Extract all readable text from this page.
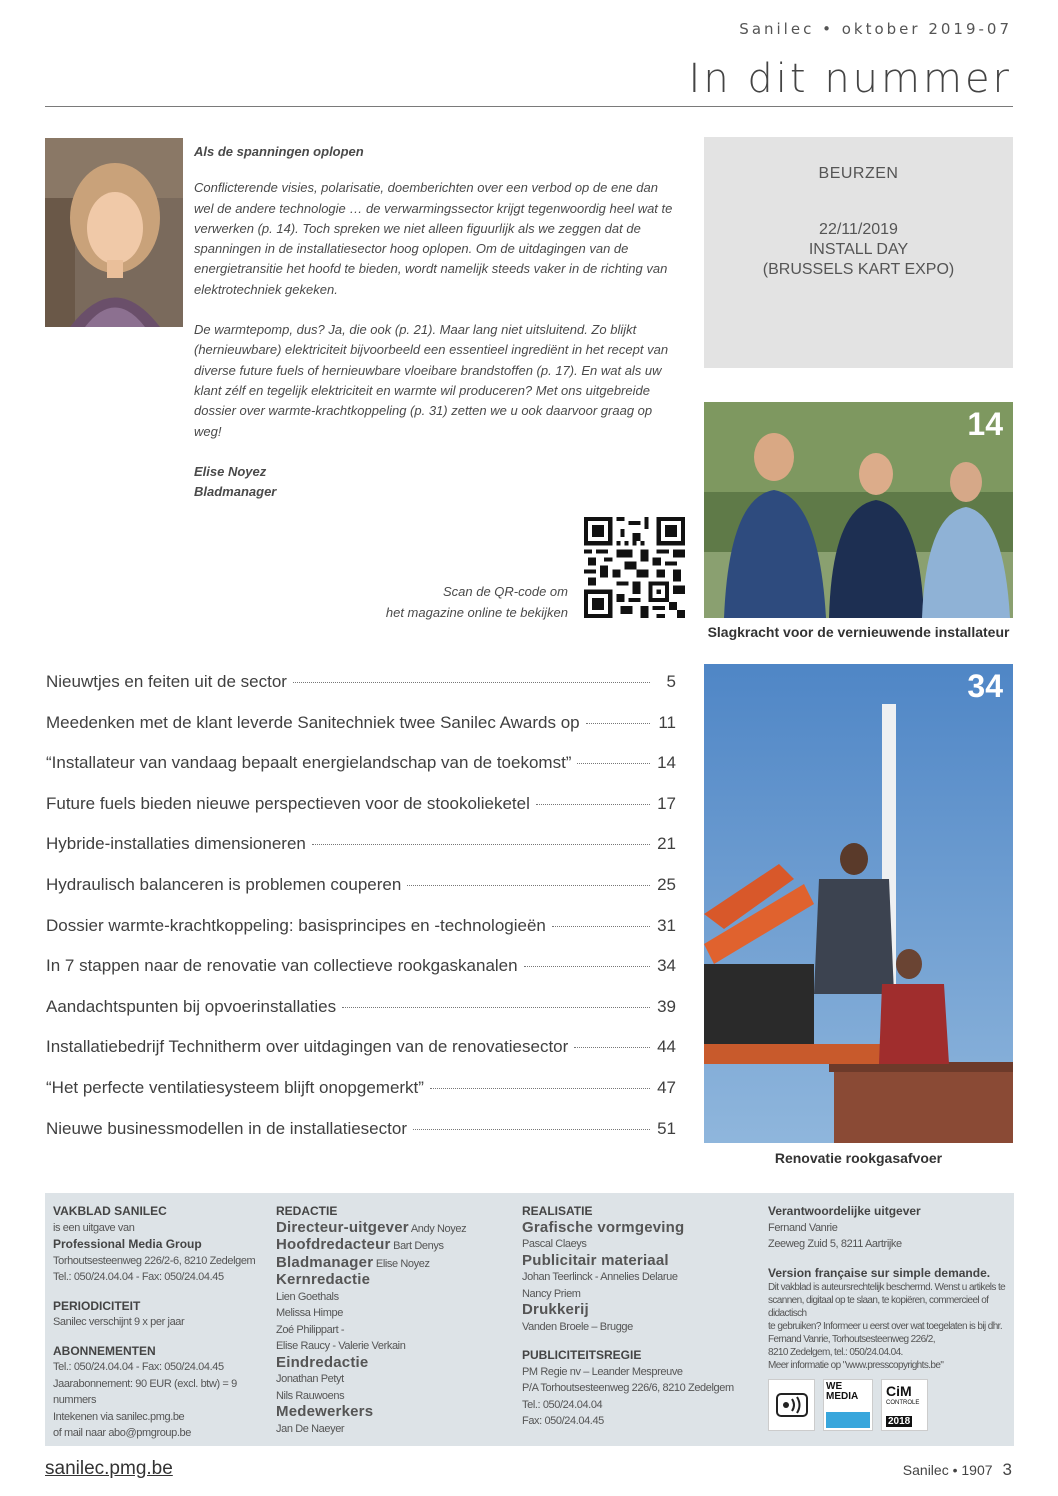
Sanilec • oktober 2019-07
In dit nummer

Als de spanningen oplopen

Conflicterende visies, polarisatie, doemberichten over een verbod op de ene dan wel de andere technologie … de verwarmingssector krijgt tegenwoordig heel wat te verwerken (p. 14). Toch spreken we niet alleen figuurlijk als we zeggen dat de spanningen in de installatiesector hoog oplopen. Om de uitdagingen van de energietransitie het hoofd te bieden, wordt namelijk steeds vaker in de richting van elektrotechniek gekeken.

De warmtepomp, dus? Ja, die ook (p. 21). Maar lang niet uitsluitend. Zo blijkt (hernieuwbare) elektriciteit bijvoorbeeld een essentieel ingrediënt in het recept van diverse future fuels of hernieuwbare vloeibare brandstoffen (p. 17). En wat als uw klant zélf en tegelijk elektriciteit en warmte wil produceren? Met ons uitgebreide dossier over warmte-krachtkoppeling (p. 31) zetten we u ook daarvoor graag op weg!

Elise Noyez

Bladmanager

Scan de QR-code om
het magazine online te bekijken
BEURZEN
22/11/2019
INSTALL DAY
(BRUSSELS KART EXPO)
14
Slagkracht voor de vernieuwende installateur
34
Renovatie rookgasafvoer
Nieuwtjes en feiten uit de sector	5
Meedenken met de klant leverde Sanitechniek twee Sanilec Awards op	11
“Installateur van vandaag bepaalt energielandschap van de toekomst”	14
Future fuels bieden nieuwe perspectieven voor de stookolieketel	17
Hybride-installaties dimensioneren	21
Hydraulisch balanceren is problemen couperen	25
Dossier warmte-krachtkoppeling: basisprincipes en -technologieën	31
In 7 stappen naar de renovatie van collectieve rookgaskanalen	34
Aandachtspunten bij opvoerinstallaties	39
Installatiebedrijf Technitherm over uitdagingen van de renovatiesector	44
“Het perfecte ventilatiesysteem blijft onopgemerkt”	47
Nieuwe businessmodellen in de installatiesector	51
VAKBLAD SANILEC
is een uitgave van
Professional Media Group
Torhoutsesteenweg 226/2-6, 8210 Zedelgem
Tel.: 050/24.04.04 - Fax: 050/24.04.45
PERIODICITEIT
Sanilec verschijnt 9 x per jaar
ABONNEMENTEN
Tel.: 050/24.04.04 - Fax: 050/24.04.45
Jaarabonnement: 90 EUR (excl. btw) = 9 nummers
Intekenen via sanilec.pmg.be
of mail naar abo@pmgroup.be
REDACTIE
Directeur-uitgever Andy Noyez
Hoofdredacteur Bart Denys
Bladmanager Elise Noyez
Kernredactie
Lien Goethals
Melissa Himpe
Zoé Philippart -
Elise Raucy - Valerie Verkain
Eindredactie
Jonathan Petyt
Nils Rauwoens
Medewerkers
Jan De Naeyer
REALISATIE
Grafische vormgeving
Pascal Claeys
Publicitair materiaal
Johan Teerlinck - Annelies Delarue
Nancy Priem
Drukkerij
Vanden Broele – Brugge
PUBLICITEITSREGIE
PM Regie nv – Leander Mespreuve
P/A Torhoutsesteenweg 226/6, 8210 Zedelgem
Tel.: 050/24.04.04
Fax: 050/24.04.45
Verantwoordelijke uitgever
Fernand Vanrie
Zeeweg Zuid 5, 8211 Aartrijke
Version française sur simple demande.
Dit vakblad is auteursrechtelijk beschermd. Wenst u artikels te
scannen, digitaal op te slaan, te kopiëren, commercieel of didactisch
te gebruiken? Informeer u eerst over wat toegelaten is bij dhr.
Fernand Vanrie, Torhoutsesteenweg 226/2,
8210 Zedelgem, tel.: 050/24.04.04.
Meer informatie op "www.presscopyrights.be"
WE
MEDIA CiM
CONTROLE
2018
sanilec.pmg.be	Sanilec • 1907 3
